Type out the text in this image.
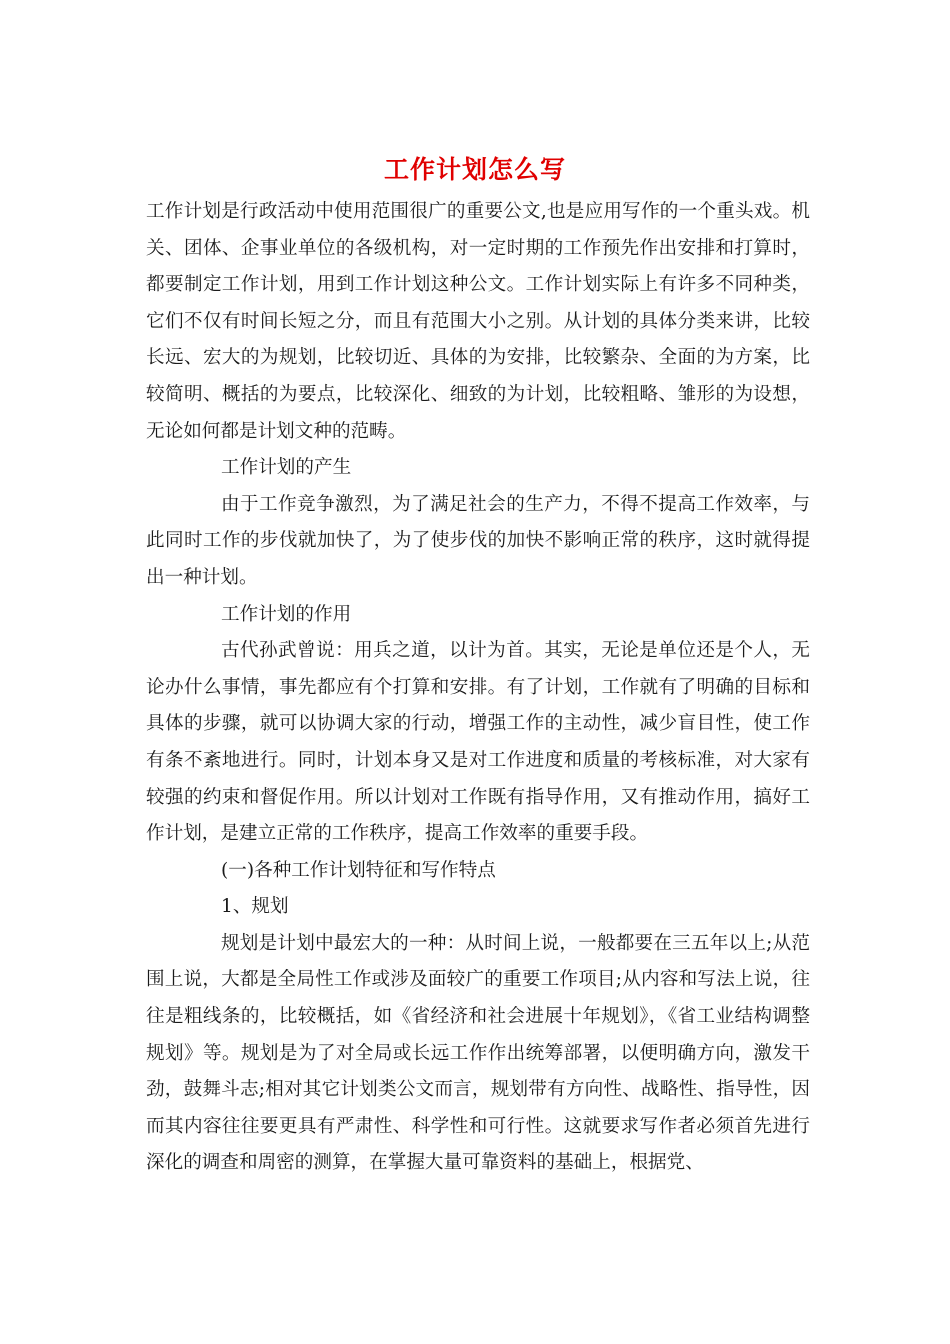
工作计划怎么写

工作计划是行政活动中使用范围很广的重要公文,也是应用写作的一个重头戏。机关、团体、企事业单位的各级机构，对一定时期的工作预先作出安排和打算时，都要制定工作计划，用到工作计划这种公文。工作计划实际上有许多不同种类，它们不仅有时间长短之分，而且有范围大小之别。从计划的具体分类来讲，比较长远、宏大的为规划，比较切近、具体的为安排，比较繁杂、全面的为方案，比较简明、概括的为要点，比较深化、细致的为计划，比较粗略、雏形的为设想，无论如何都是计划文种的范畴。

工作计划的产生

由于工作竞争激烈，为了满足社会的生产力，不得不提高工作效率，与此同时工作的步伐就加快了，为了使步伐的加快不影响正常的秩序，这时就得提出一种计划。

工作计划的作用

古代孙武曾说：用兵之道，以计为首。其实，无论是单位还是个人，无论办什么事情，事先都应有个打算和安排。有了计划，工作就有了明确的目标和具体的步骤，就可以协调大家的行动，增强工作的主动性，减少盲目性，使工作有条不紊地进行。同时，计划本身又是对工作进度和质量的考核标准，对大家有较强的约束和督促作用。所以计划对工作既有指导作用，又有推动作用，搞好工作计划，是建立正常的工作秩序，提高工作效率的重要手段。

(一)各种工作计划特征和写作特点

1、规划

规划是计划中最宏大的一种：从时间上说，一般都要在三五年以上;从范围上说，大都是全局性工作或涉及面较广的重要工作项目;从内容和写法上说，往往是粗线条的，比较概括，如《省经济和社会进展十年规划》，《省工业结构调整规划》等。规划是为了对全局或长远工作作出统筹部署，以便明确方向，激发干劲，鼓舞斗志;相对其它计划类公文而言，规划带有方向性、战略性、指导性，因而其内容往往要更具有严肃性、科学性和可行性。这就要求写作者必须首先进行深化的调查和周密的测算，在掌握大量可靠资料的基础上，根据党、
